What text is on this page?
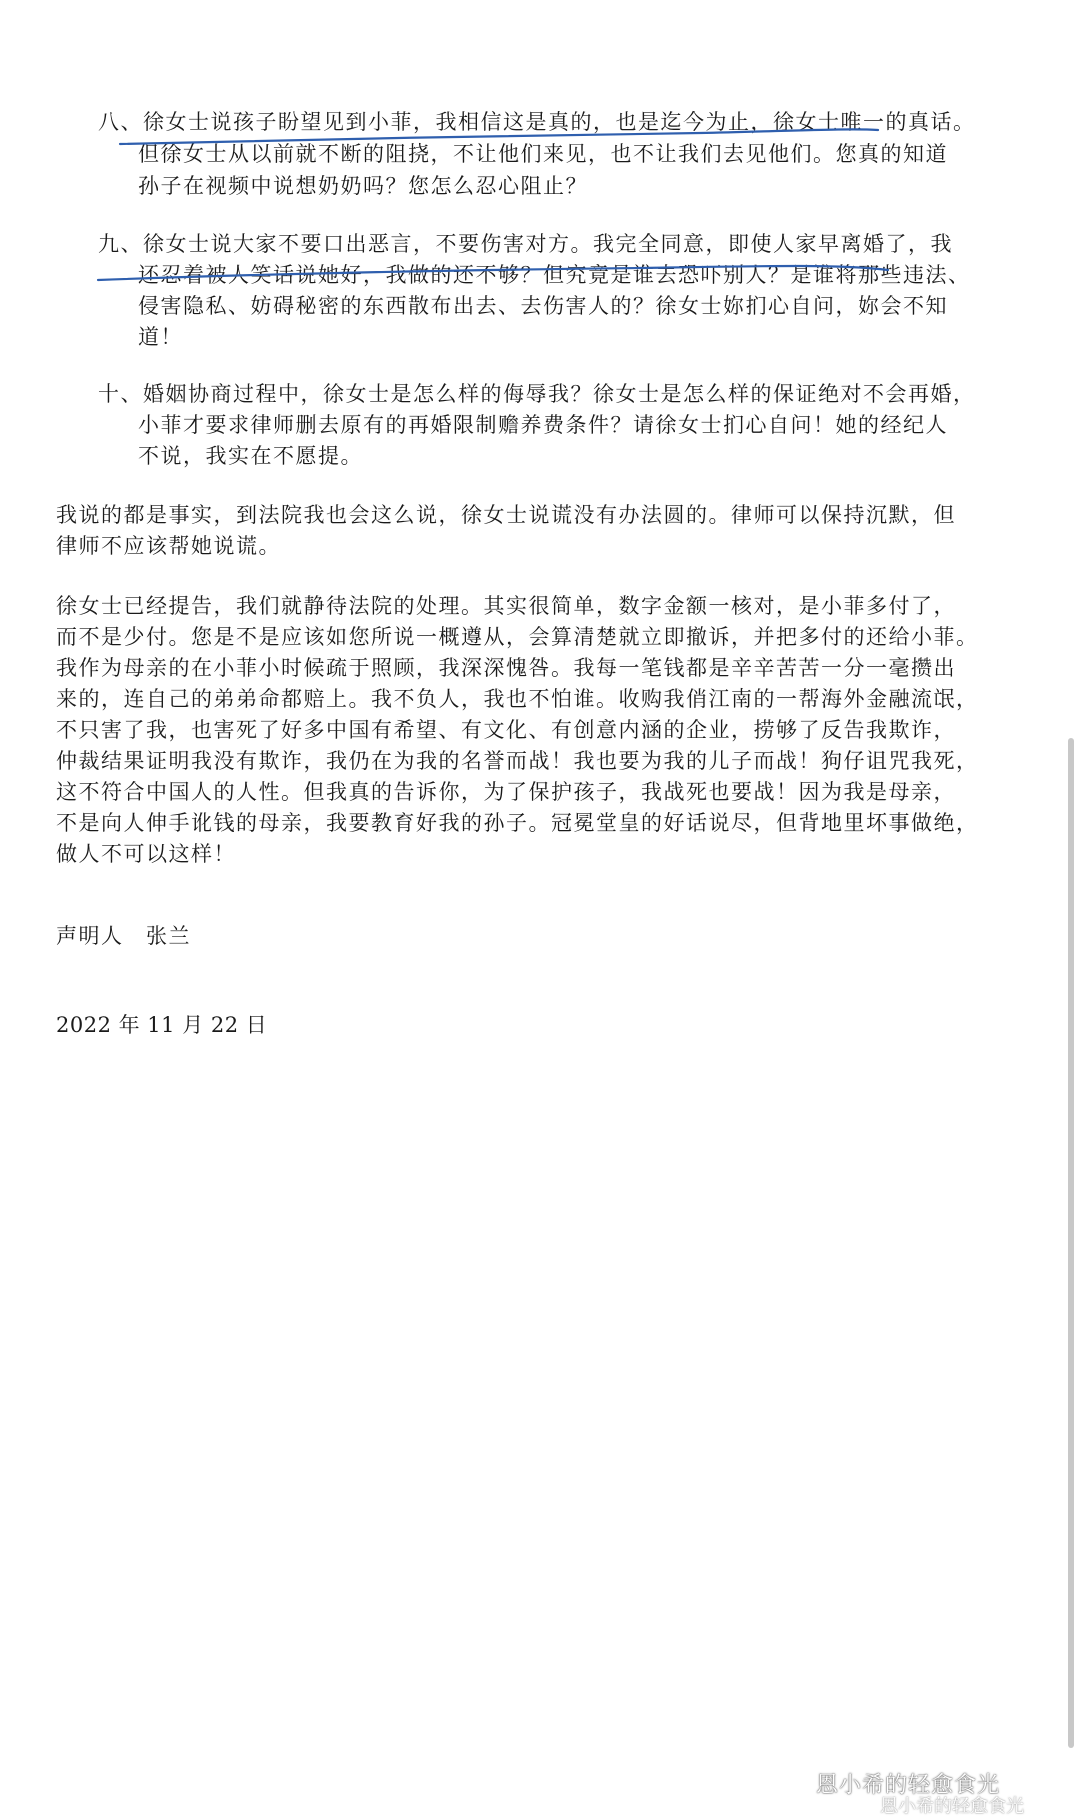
八、徐女士说孩子盼望见到小菲，我相信这是真的，也是迄今为止，徐女士唯一的真话。
但徐女士从以前就不断的阻挠，不让他们来见，也不让我们去见他们。您真的知道
孙子在视频中说想奶奶吗？您怎么忍心阻止？
九、徐女士说大家不要口出恶言，不要伤害对方。我完全同意，即使人家早离婚了，我
还忍着被人笑话说她好，我做的还不够？但究竟是谁去恐吓别人？是谁将那些违法、
侵害隐私、妨碍秘密的东西散布出去、去伤害人的？徐女士妳扪心自问，妳会不知
道！
十、婚姻协商过程中，徐女士是怎么样的侮辱我？徐女士是怎么样的保证绝对不会再婚，
小菲才要求律师删去原有的再婚限制赡养费条件？请徐女士扪心自问！她的经纪人
不说，我实在不愿提。
我说的都是事实，到法院我也会这么说，徐女士说谎没有办法圆的。律师可以保持沉默，但
律师不应该帮她说谎。
徐女士已经提告，我们就静待法院的处理。其实很简单，数字金额一核对，是小菲多付了，
而不是少付。您是不是应该如您所说一概遵从，会算清楚就立即撤诉，并把多付的还给小菲。
我作为母亲的在小菲小时候疏于照顾，我深深愧咎。我每一笔钱都是辛辛苦苦一分一毫攒出
来的，连自己的弟弟命都赔上。我不负人，我也不怕谁。收购我俏江南的一帮海外金融流氓，
不只害了我，也害死了好多中国有希望、有文化、有创意内涵的企业，捞够了反告我欺诈，
仲裁结果证明我没有欺诈，我仍在为我的名誉而战！我也要为我的儿子而战！狗仔诅咒我死，
这不符合中国人的人性。但我真的告诉你，为了保护孩子，我战死也要战！因为我是母亲，
不是向人伸手讹钱的母亲，我要教育好我的孙子。冠冕堂皇的好话说尽，但背地里坏事做绝，
做人不可以这样！
声明人　张兰
2022 年 11 月 22 日
恩小希的轻愈食光
恩小希的轻愈食光
